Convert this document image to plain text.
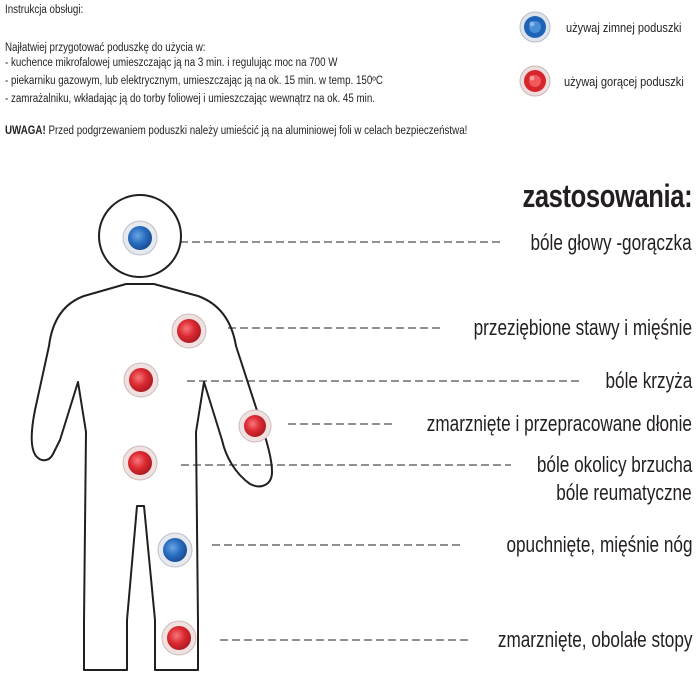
Instrukcja obsługi:
Najłatwiej przygotować poduszkę do użycia w:
- kuchence mikrofalowej umieszczając ją na 3 min. i regulując moc na 700 W
- piekarniku gazowym, lub elektrycznym, umieszczając ją na ok. 15 min. w temp. 150ºC
- zamrażalniku, wkładając ją do torby foliowej i umieszczając wewnątrz na ok. 45 min.
UWAGA! Przed podgrzewaniem poduszki należy umieścić ją na aluminiowej foli w celach bezpieczeństwa!
używaj zimnej poduszki
używaj gorącej poduszki
zastosowania:
bóle głowy -gorączka
przeziębione stawy i mięśnie
bóle krzyża
zmarznięte i przepracowane dłonie
bóle okolicy brzucha
bóle reumatyczne
opuchnięte, mięśnie nóg
zmarznięte, obolałe stopy
